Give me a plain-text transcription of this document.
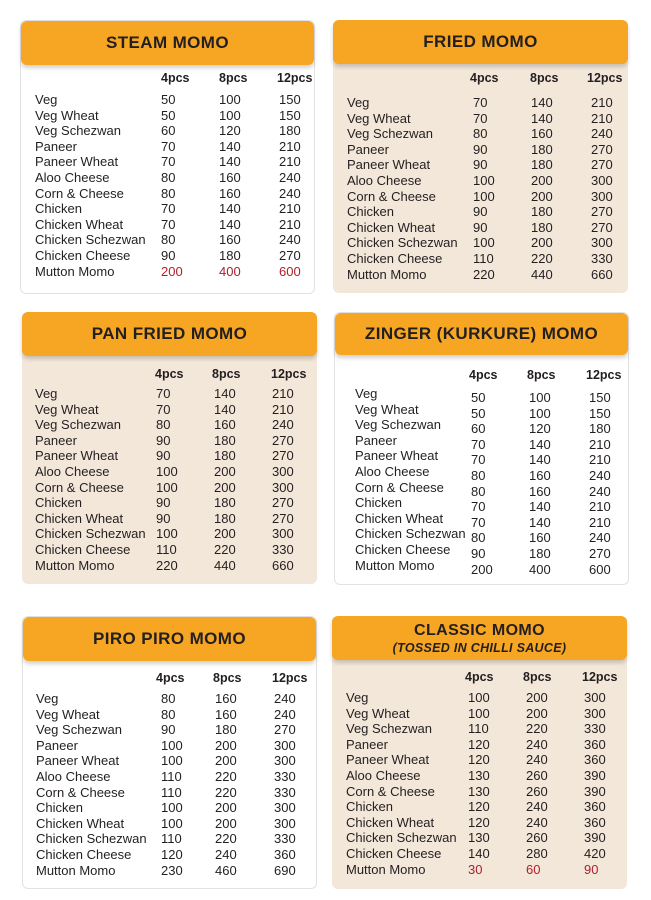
STEAM MOMO
4pcs 8pcs 12pcs
Veg	50	100	150
Veg Wheat	50	100	150
Veg Schezwan	60	120	180
Paneer	70	140	210
Paneer Wheat	70	140	210
Aloo Cheese	80	160	240
Corn & Cheese	80	160	240
Chicken	70	140	210
Chicken Wheat	70	140	210
Chicken Schezwan 80	160	240
Chicken Cheese 90	180	270
Mutton Momo	200	400	600
FRIED MOMO
4pcs	8pcs 12pcs
Veg	70	140	210
Veg Wheat	70	140	210
Veg Schezwan	80	160	240
Paneer	90	180	270
Paneer Wheat	90	180	270
Aloo Cheese	100	200	300
Corn & Cheese	100	200	300
Chicken	90	180	270
Chicken Wheat	90	180	270
Chicken Schezwan 100	200	300
Chicken Cheese 110	220	330
Mutton Momo	220	440	660
PAN FRIED MOMO
4pcs 8pcs 12pcs
Veg	70	140	210
Veg Wheat	70	140	210
Veg Schezwan	80	160	240
Paneer	90	180	270
Paneer Wheat	90	180	270
Aloo Cheese	100	200	300
Corn & Cheese 100	200	300
Chicken	90	180	270
Chicken Wheat	90	180	270
Chicken Schezwan 100	200	300
Chicken Cheese 110	220	330
Mutton Momo	220	440	660
ZINGER (KURKURE) MOMO
4pcs 8pcs 12pcs
Veg	50	100	150
Veg Wheat	50	100	150
Veg Schezwan 60	120	180
Paneer	70	140	210
Paneer Wheat	70	140	210
Aloo Cheese	80	160	240
Corn & Cheese 80	160	240
Chicken	70	140	210
Chicken Wheat 70	140	210
Chicken Schezwan 80	160	240
Chicken Cheese 90	180	270
Mutton Momo	200	400	600
PIRO PIRO MOMO
4pcs 8pcs 12pcs
Veg	80	160	240
Veg Wheat	80	160	240
Veg Schezwan	90	180	270
Paneer	100 200	300
Paneer Wheat	100 200	300
Aloo Cheese	110	220	330
Corn & Cheese	110	220	330
Chicken	100 200	300
Chicken Wheat	100 200	300
Chicken Schezwan 110	220	330
Chicken Cheese 120 240	360
Mutton Momo	230 460	690
CLASSIC MOMO
(TOSSED IN CHILLI SAUCE)
4pcs 8pcs 12pcs
Veg	100	200	300
Veg Wheat	100	200	300
Veg Schezwan	110	220	330
Paneer	120	240	360
Paneer Wheat	120	240	360
Aloo Cheese	130	260	390
Corn & Cheese	130	260	390
Chicken	120	240	360
Chicken Wheat	120	240	360
Chicken Schezwan 130	260	390
Chicken Cheese 140	280	420
Mutton Momo	30	60	90
